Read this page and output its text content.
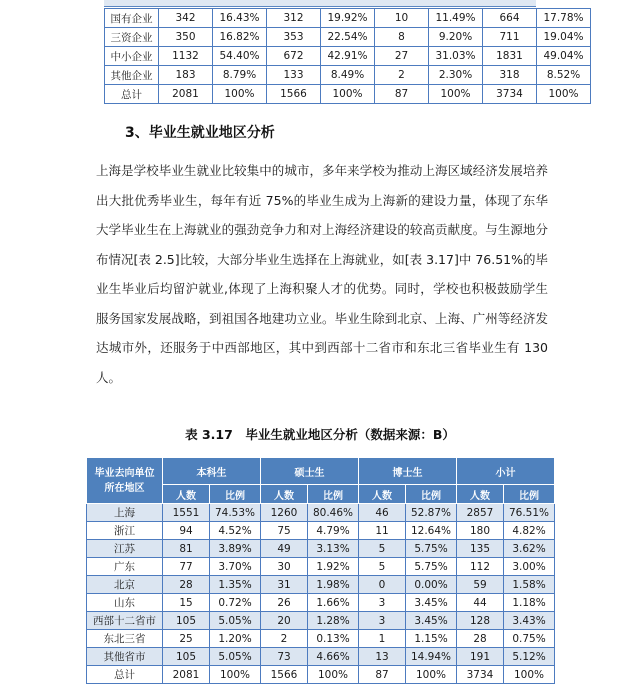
国有企业	342	16.43%	312	19.92%	10	11.49%	664	17.78%
三资企业	350	16.82%	353	22.54%	8	9.20%	711	19.04%
中小企业	1132	54.40%	672	42.91%	27	31.03%	1831	49.04%
其他企业	183	8.79%	133	8.49%	2	2.30%	318	8.52%
总计	2081	100%	1566	100%	87	100%	3734	100%
3、毕业生就业地区分析

上海是学校毕业生就业比较集中的城市，多年来学校为推动上海区域经济发展培养出大批优秀毕业生，每年有近 75%的毕业生成为上海新的建设力量，体现了东华大学毕业生在上海就业的强劲竞争力和对上海经济建设的较高贡献度。与生源地分布情况[表 2.5]比较，大部分毕业生选择在上海就业，如[表 3.17]中 76.51%的毕业生毕业后均留沪就业,体现了上海积聚人才的优势。同时，学校也积极鼓励学生服务国家发展战略，到祖国各地建功立业。毕业生除到北京、上海、广州等经济发达城市外，还服务于中西部地区，其中到西部十二省市和东北三省毕业生有 130 人。

表 3.17　毕业生就业地区分析（数据来源：B）

毕业去向单位
所在地区	本科生		硕士生		博士生		小计	
	人数	比例	人数	比例	人数	比例	人数	比例
上海	1551	74.53%	1260	80.46%	46	52.87%	2857	76.51%
浙江	94	4.52%	75	4.79%	11	12.64%	180	4.82%
江苏	81	3.89%	49	3.13%	5	5.75%	135	3.62%
广东	77	3.70%	30	1.92%	5	5.75%	112	3.00%
北京	28	1.35%	31	1.98%	0	0.00%	59	1.58%
山东	15	0.72%	26	1.66%	3	3.45%	44	1.18%
西部十二省市	105	5.05%	20	1.28%	3	3.45%	128	3.43%
东北三省	25	1.20%	2	0.13%	1	1.15%	28	0.75%
其他省市	105	5.05%	73	4.66%	13	14.94%	191	5.12%
总计	2081	100%	1566	100%	87	100%	3734	100%
